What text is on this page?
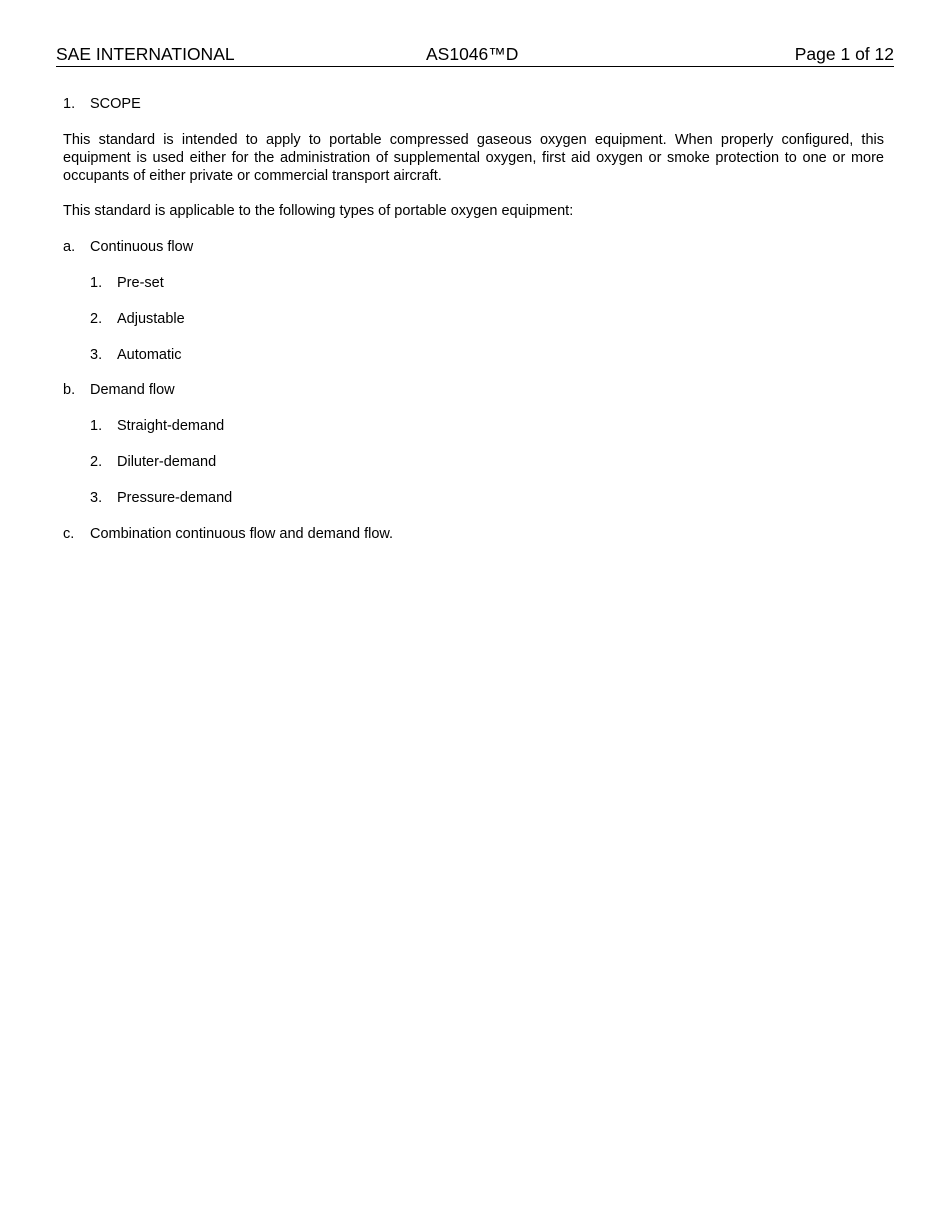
SAE INTERNATIONAL	AS1046™D	Page 1 of 12
1. SCOPE
This standard is intended to apply to portable compressed gaseous oxygen equipment. When properly configured, this equipment is used either for the administration of supplemental oxygen, first aid oxygen or smoke protection to one or more occupants of either private or commercial transport aircraft.
This standard is applicable to the following types of portable oxygen equipment:
a. Continuous flow
1. Pre-set
2. Adjustable
3. Automatic
b. Demand flow
1. Straight-demand
2. Diluter-demand
3. Pressure-demand
c. Combination continuous flow and demand flow.
